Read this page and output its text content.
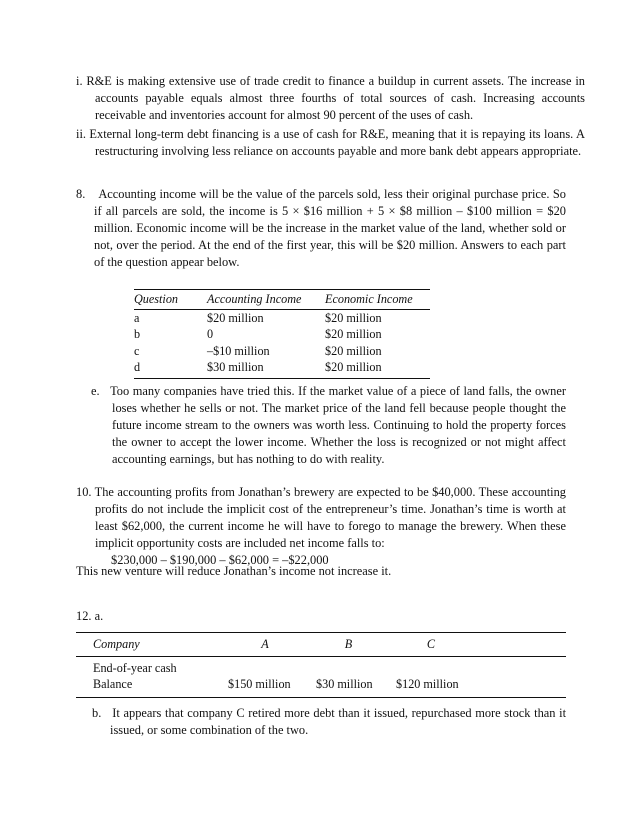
i. R&E is making extensive use of trade credit to finance a buildup in current assets. The increase in accounts payable equals almost three fourths of total sources of cash. Increasing accounts receivable and inventories account for almost 90 percent of the uses of cash.

ii. External long-term debt financing is a use of cash for R&E, meaning that it is repaying its loans. A restructuring involving less reliance on accounts payable and more bank debt appears appropriate.

8. Accounting income will be the value of the parcels sold, less their original purchase price. So if all parcels are sold, the income is 5 × $16 million + 5 × $8 million – $100 million = $20 million. Economic income will be the increase in the market value of the land, whether sold or not, over the period. At the end of the first year, this will be $20 million. Answers to each part of the question appear below.

Question	Accounting Income	Economic Income
a	$20 million	$20 million
b	0	$20 million
c	–$10 million	$20 million
d	$30 million	$20 million

e. Too many companies have tried this. If the market value of a piece of land falls, the owner loses whether he sells or not. The market price of the land fell because people thought the future income stream to the owners was worth less. Continuing to hold the property forces the owner to accept the lower income. Whether the loss is recognized or not might affect accounting earnings, but has nothing to do with reality.

10. The accounting profits from Jonathan’s brewery are expected to be $40,000. These accounting profits do not include the implicit cost of the entrepreneur’s time. Jonathan’s time is worth at least $62,000, the current income he will have to forego to manage the brewery. When these implicit opportunity costs are included net income falls to:

$230,000 – $190,000 – $62,000 = –$22,000

This new venture will reduce Jonathan’s income not increase it.

12. a.

Company	A	B	C	

End-of-year cash
Balance	$150 million	$30 million	$120 million	

b. It appears that company C retired more debt than it issued, repurchased more stock than it issued, or some combination of the two.
